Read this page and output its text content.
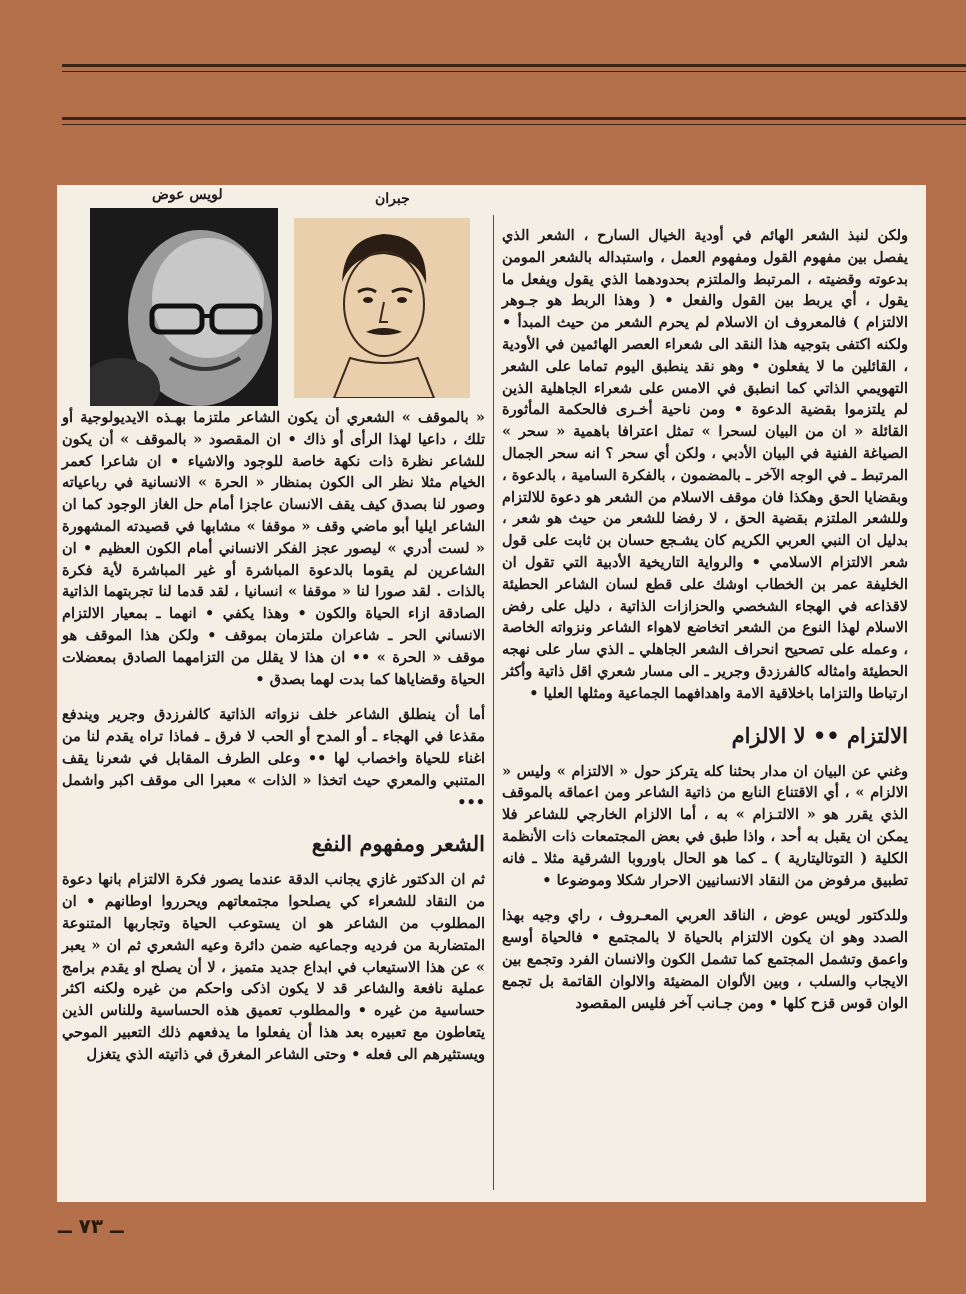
لويس عوض	جبران

« بالموقف » الشعري أن يكون الشاعر ملتزما بهـذه الايديولوجية أو تلك ، داعيا لهذا الرأى أو ذاك • ان المقصود « بالموقف » أن يكون للشاعر نظرة ذات نكهة خاصة للوجود والاشياء • ان شاعرا كعمر الخيام مثلا نظر الى الكون بمنظار « الحرة » الانسانية في رباعياته وصور لنا بصدق كيف يقف الانسان عاجزا أمام حل الغاز الوجود كما ان الشاعر ايليا أبو ماضي وقف « موقفا » مشابها في قصيدته المشهورة « لست أدري » ليصور عجز الفكر الانساني أمام الكون العظيم • ان الشاعرين لم يقوما بالدعوة المباشرة أو غير المباشرة لأية فكرة بالذات . لقد صورا لنا « موقفا » انسانيا ، لقد قدما لنا تجربتهما الذاتية الصادقة ازاء الحياة والكون • وهذا يكفي • انهما ـ بمعيار الالتزام الانساني الحر ـ شاعران ملتزمان بموقف • ولكن هذا الموقف هو موقف « الحرة » •• ان هذا لا يقلل من التزامهما الصادق بمعضلات الحياة وقضاياها كما بدت لهما بصدق •

أما أن ينطلق الشاعر خلف نزواته الذاتية كالفرزدق وجرير ويندفع مقذعا في الهجاء ـ أو المدح أو الحب لا فرق ـ فماذا تراه يقدم لنا من اغناء للحياة واخصاب لها •• وعلى الطرف المقابل في شعرنا يقف المتنبي والمعري حيث اتخذا « الذات » معبرا الى موقف اكبر واشمل •••

الشعر ومفهوم النفع

ثم ان الدكتور غازي يجانب الدقة عندما يصور فكرة الالتزام بانها دعوة من النقاد للشعراء كي يصلحوا مجتمعاتهم ويحرروا اوطانهم • ان المطلوب من الشاعر هو ان يستوعب الحياة وتجاربها المتنوعة المتضاربة من فرديه وجماعيه ضمن دائرة وعيه الشعري ثم ان « يعبر » عن هذا الاستيعاب في ابداع جديد متميز ، لا أن يصلح او يقدم برامج عملية نافعة والشاعر قد لا يكون اذكى واحكم من غيره ولكنه اكثر حساسية من غيره • والمطلوب تعميق هذه الحساسية وللناس الذين يتعاطون مع تعبيره بعد هذا أن يفعلوا ما يدفعهم ذلك التعبير الموحي ويستثيرهم الى فعله • وحتى الشاعر المغرق في ذاتيته الذي يتغزل

ولكن لنبذ الشعر الهائم في أودية الخيال السارح ، الشعر الذي يفصل بين مفهوم القول ومفهوم العمل ، واستبداله بالشعر المومن بدعوته وقضيته ، المرتبط والملتزم بحدودهما الذي يقول ويفعل ما يقول ، أي يربط بين القول والفعل • ( وهذا الربط هو جـوهر الالتزام ) فالمعروف ان الاسلام لم يحرم الشعر من حيث المبدأ • ولكنه اكتفى بتوجيه هذا النقد الى شعراء العصر الهائمين في الأودية ، القائلين ما لا يفعلون • وهو نقد ينطبق اليوم تماما على الشعر التهويمي الذاتي كما انطبق في الامس على شعراء الجاهلية الذين لم يلتزموا بقضية الدعوة • ومن ناحية أخـرى فالحكمة المأثورة القائلة « ان من البيان لسحرا » تمثل اعترافا باهمية « سحر » الصياغة الفنية في البيان الأدبي ، ولكن أي سحر ؟ انه سحر الجمال المرتبط ـ في الوجه الآخر ـ بالمضمون ، بالفكرة السامية ، بالدعوة ، وبقضايا الحق وهكذا فان موقف الاسلام من الشعر هو دعوة للالتزام وللشعر الملتزم بقضية الحق ، لا رفضا للشعر من حيث هو شعر ، بدليل ان النبي العربي الكريم كان يشـجع حسان بن ثابت على قول شعر الالتزام الاسلامي • والرواية التاريخية الأدبية التي تقول ان الخليفة عمر بن الخطاب اوشك على قطع لسان الشاعر الحطيئة لاقذاعه في الهجاء الشخصي والحزازات الذاتية ، دليل على رفض الاسلام لهذا النوع من الشعر اتخاضع لاهواء الشاعر ونزواته الخاصة ، وعمله على تصحيح انحراف الشعر الجاهلي ـ الذي سار على نهجه الحطيئة وامثاله كالفرزدق وجرير ـ الى مسار شعري اقل ذاتية وأكثر ارتباطا والتزاما باخلاقية الامة واهدافهما الجماعية ومثلها العليا •

الالتزام •• لا الالزام

وغني عن البيان ان مدار بحثنا كله يتركز حول « الالتزام » وليس « الالزام » ، أي الاقتناع النابع من ذاتية الشاعر ومن اعماقه بالموقف الذي يقرر هو « الالتـزام » به ، أما الالزام الخارجي للشاعر فلا يمكن ان يقبل به أحد ، واذا طبق في بعض المجتمعات ذات الأنظمة الكلية ( التوتاليتارية ) ـ كما هو الحال باوروبا الشرقية مثلا ـ فانه تطبيق مرفوض من النقاد الانسانيين الاحرار شكلا وموضوعا •

وللدكتور لويس عوض ، الناقد العربي المعـروف ، راي وجيه بهذا الصدد وهو ان يكون الالتزام بالحياة لا بالمجتمع • فالحياة أوسع واعمق وتشمل المجتمع كما تشمل الكون والانسان الفرد وتجمع بين الايجاب والسلب ، وبين الألوان المضيئة والالوان القاتمة بل تجمع الوان قوس قزح كلها • ومن جـانب آخر فليس المقصود

ــ ٧٣ ــ
